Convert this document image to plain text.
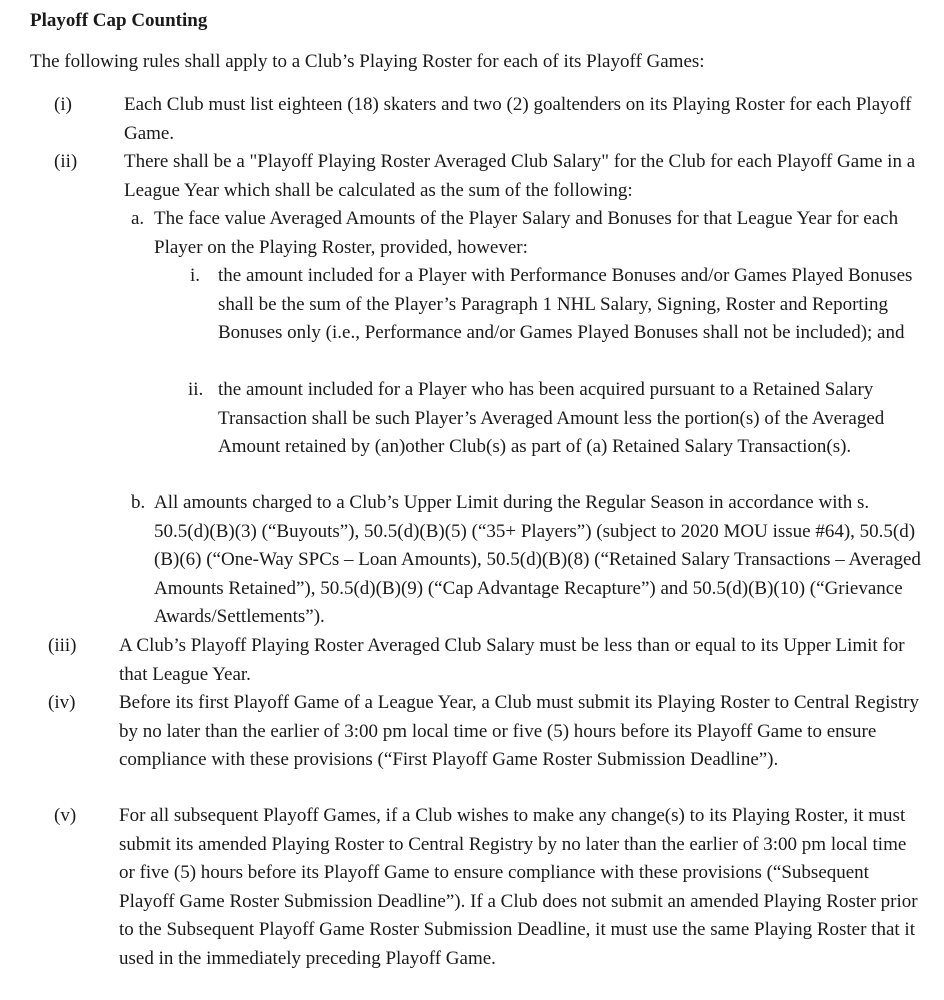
Playoff Cap Counting
The following rules shall apply to a Club’s Playing Roster for each of its Playoff Games:
(i)	Each Club must list eighteen (18) skaters and two (2) goaltenders on its Playing Roster for each Playoff Game.
(ii) There shall be a "Playoff Playing Roster Averaged Club Salary" for the Club for each Playoff Game in a League Year which shall be calculated as the sum of the following:
a. The face value Averaged Amounts of the Player Salary and Bonuses for that League Year for each Player on the Playing Roster, provided, however:
i. the amount included for a Player with Performance Bonuses and/or Games Played Bonuses shall be the sum of the Player’s Paragraph 1 NHL Salary, Signing, Roster and Reporting Bonuses only (i.e., Performance and/or Games Played Bonuses shall not be included); and
ii. the amount included for a Player who has been acquired pursuant to a Retained Salary Transaction shall be such Player’s Averaged Amount less the portion(s) of the Averaged Amount retained by (an)other Club(s) as part of (a) Retained Salary Transaction(s).
b. All amounts charged to a Club’s Upper Limit during the Regular Season in accordance with s. 50.5(d)(B)(3) (“Buyouts”), 50.5(d)(B)(5) (“35+ Players”) (subject to 2020 MOU issue #64), 50.5(d)(B)(6) (“One-Way SPCs – Loan Amounts), 50.5(d)(B)(8) (“Retained Salary Transactions – Averaged Amounts Retained”), 50.5(d)(B)(9) (“Cap Advantage Recapture”) and 50.5(d)(B)(10) (“Grievance Awards/Settlements”).
(iii) A Club’s Playoff Playing Roster Averaged Club Salary must be less than or equal to its Upper Limit for that League Year.
(iv) Before its first Playoff Game of a League Year, a Club must submit its Playing Roster to Central Registry by no later than the earlier of 3:00 pm local time or five (5) hours before its Playoff Game to ensure compliance with these provisions (“First Playoff Game Roster Submission Deadline”).
(v) For all subsequent Playoff Games, if a Club wishes to make any change(s) to its Playing Roster, it must submit its amended Playing Roster to Central Registry by no later than the earlier of 3:00 pm local time or five (5) hours before its Playoff Game to ensure compliance with these provisions (“Subsequent Playoff Game Roster Submission Deadline”). If a Club does not submit an amended Playing Roster prior to the Subsequent Playoff Game Roster Submission Deadline, it must use the same Playing Roster that it used in the immediately preceding Playoff Game.
